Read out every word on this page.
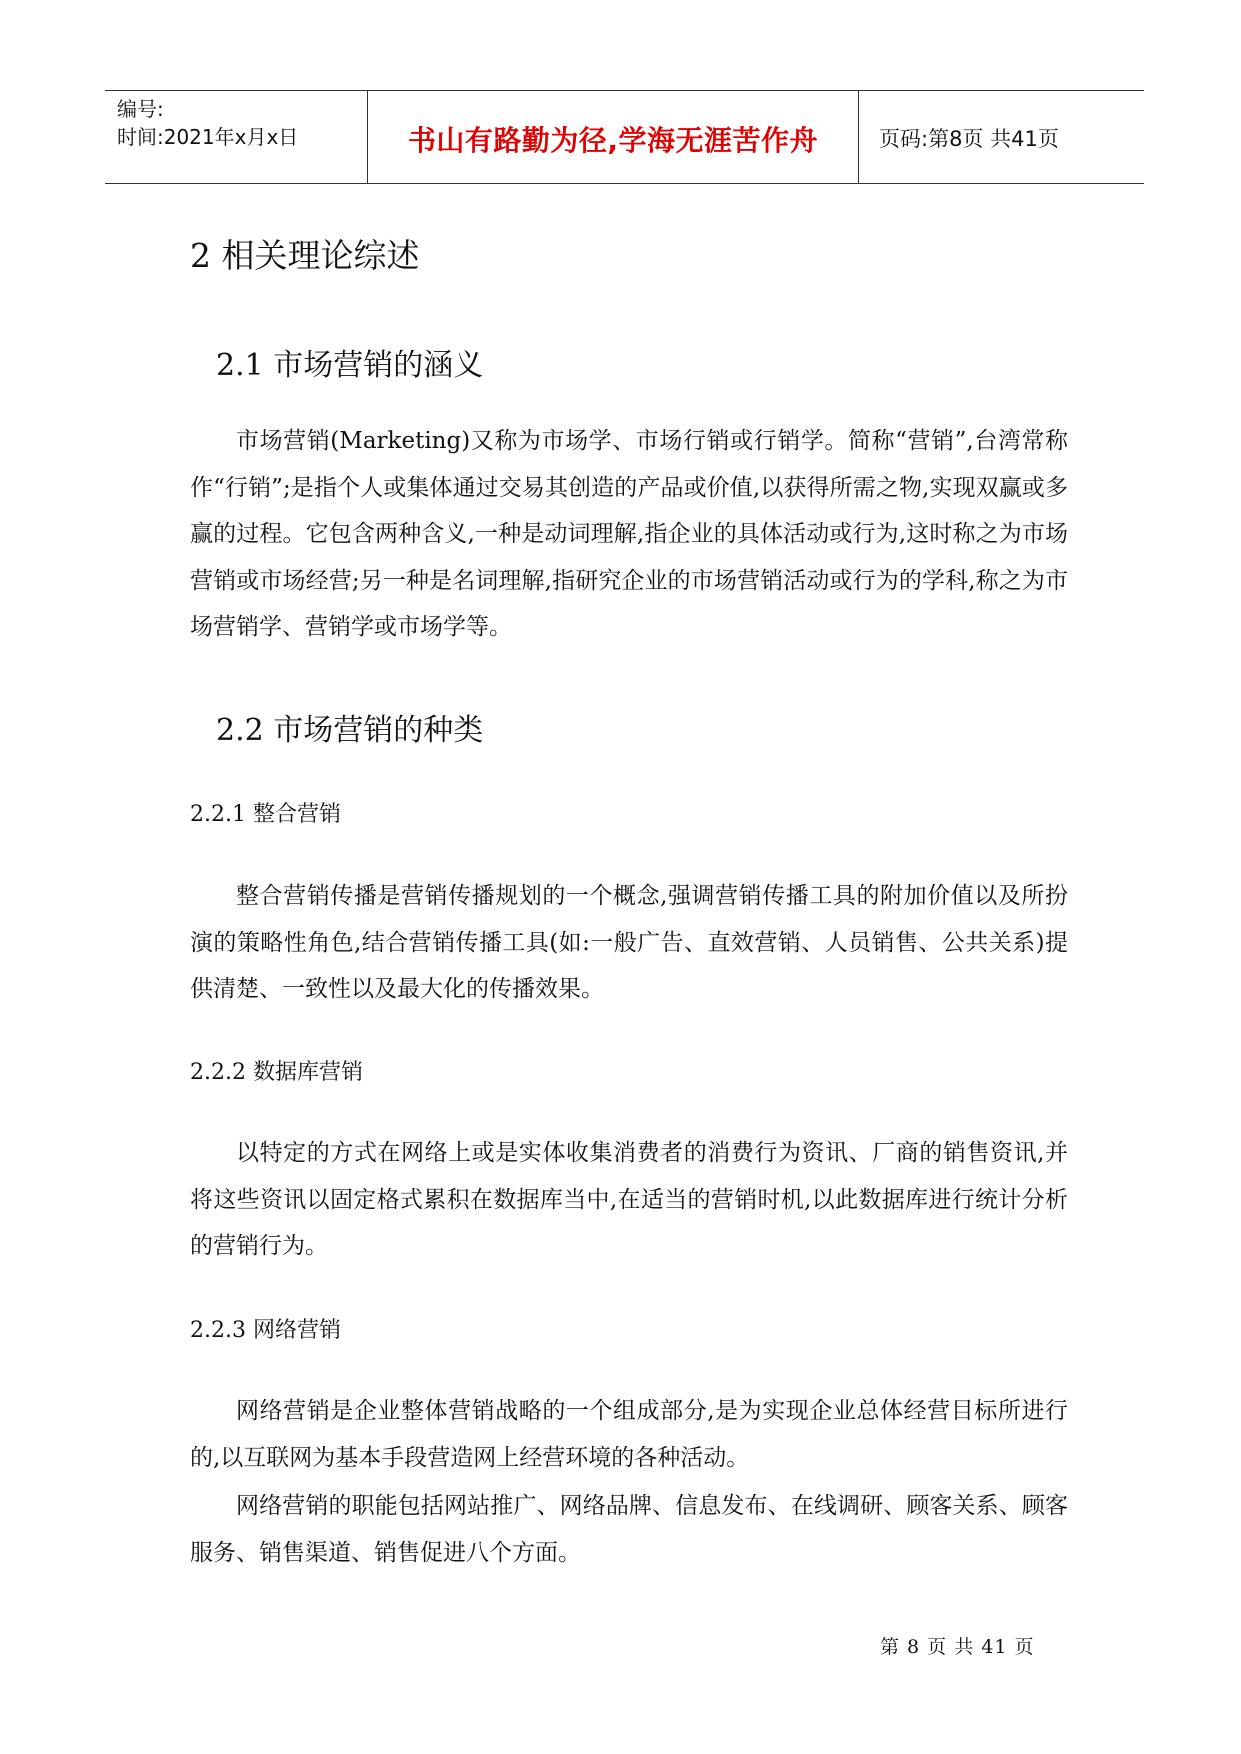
编号:
时间:2021年x月x日	书山有路勤为径,学海无涯苦作舟	页码:第8页 共41页
2 相关理论综述
2.1 市场营销的涵义

市场营销(Marketing)又称为市场学、市场行销或行销学。简称“营销”,台湾常称作“行销”;是指个人或集体通过交易其创造的产品或价值,以获得所需之物,实现双赢或多赢的过程。它包含两种含义,一种是动词理解,指企业的具体活动或行为,这时称之为市场营销或市场经营;另一种是名词理解,指研究企业的市场营销活动或行为的学科,称之为市场营销学、营销学或市场学等。

2.2 市场营销的种类
2.2.1 整合营销

整合营销传播是营销传播规划的一个概念,强调营销传播工具的附加价值以及所扮演的策略性角色,结合营销传播工具(如:一般广告、直效营销、人员销售、公共关系)提供清楚、一致性以及最大化的传播效果。

2.2.2 数据库营销

以特定的方式在网络上或是实体收集消费者的消费行为资讯、厂商的销售资讯,并将这些资讯以固定格式累积在数据库当中,在适当的营销时机,以此数据库进行统计分析的营销行为。

2.2.3 网络营销

网络营销是企业整体营销战略的一个组成部分,是为实现企业总体经营目标所进行的,以互联网为基本手段营造网上经营环境的各种活动。

网络营销的职能包括网站推广、网络品牌、信息发布、在线调研、顾客关系、顾客服务、销售渠道、销售促进八个方面。

第 8 页 共 41 页
